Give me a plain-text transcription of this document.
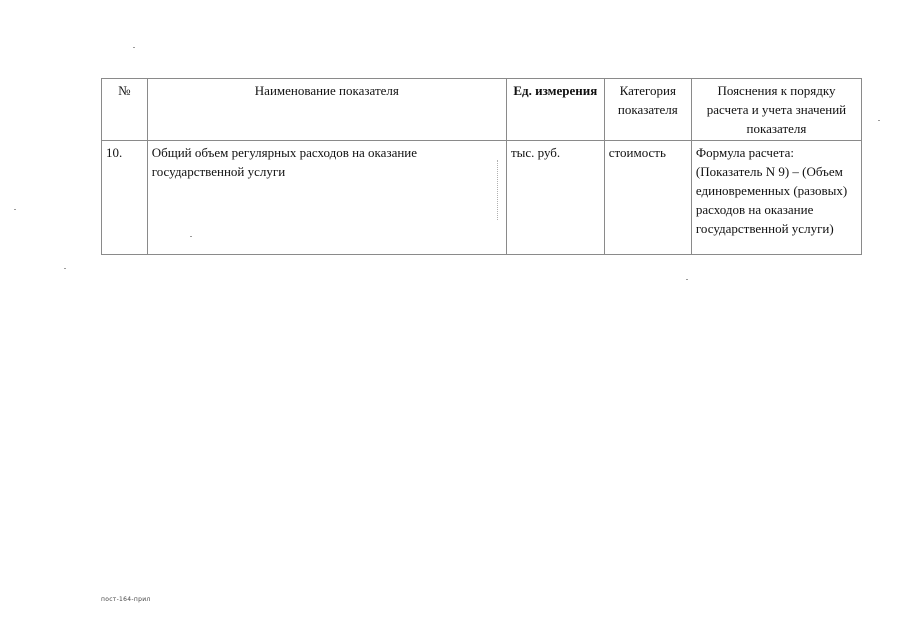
№	Наименование показателя	Ед. измерения	Категория показателя	Пояснения к порядку расчета и учета значений показателя
10.	Общий объем регулярных расходов на оказание государственной услуги	тыс. руб.	стоимость	Формула расчета: (Показатель N 9) – (Объем единовременных (разовых) расходов на оказание государственной услуги)
пост-164-прил
